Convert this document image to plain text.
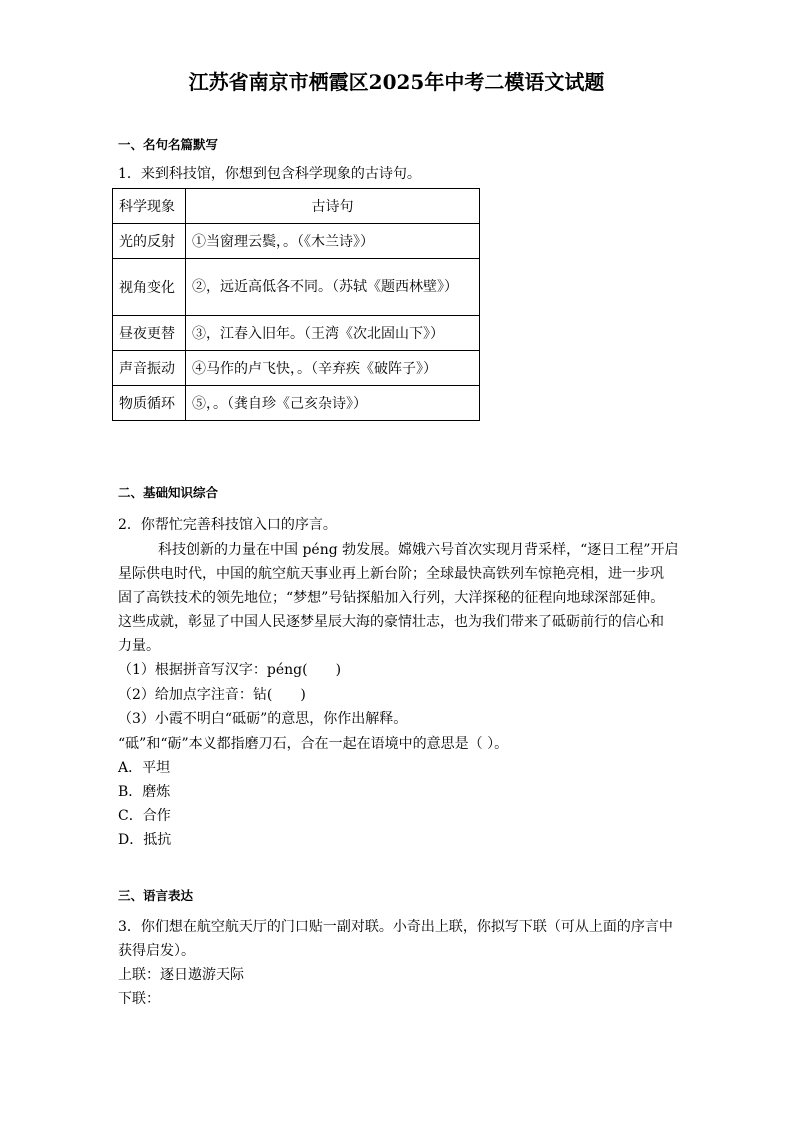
江苏省南京市栖霞区2025年中考二模语文试题
一、名句名篇默写
1．来到科技馆，你想到包含科学现象的古诗句。
科学现象	古诗句
光的反射	①当窗理云鬓，。（《木兰诗》）
视角变化	②，远近高低各不同。（苏轼《题西林壁》）

昼夜更替	③，江春入旧年。（王湾《次北固山下》）
声音振动	④马作的卢飞快，。（辛弃疾《破阵子》）
物质循环	⑤，。（龚自珍《己亥杂诗》）
二、基础知识综合
2．你帮忙完善科技馆入口的序言。
科技创新的力量在中国 péng 勃发展。嫦娥六号首次实现月背采样，“逐日工程”开启
星际供电时代，中国的航空航天事业再上新台阶；全球最快高铁列车惊艳亮相，进一步巩
固了高铁技术的领先地位；“梦想”号钻探船加入行列，大洋探秘的征程向地球深部延伸。
这些成就，彰显了中国人民逐梦星辰大海的豪情壮志，也为我们带来了砥砺前行的信心和
力量。
（1）根据拼音写汉字：péng(　　)
（2）给加点字注音：钻(　　)
（3）小霞不明白“砥砺”的意思，你作出解释。
“砥”和“砺”本义都指磨刀石，合在一起在语境中的意思是（ ）。
A．平坦
B．磨炼
C．合作
D．抵抗
三、语言表达
3．你们想在航空航天厅的门口贴一副对联。小奇出上联，你拟写下联（可从上面的序言中
获得启发）。
上联：逐日遨游天际
下联：
